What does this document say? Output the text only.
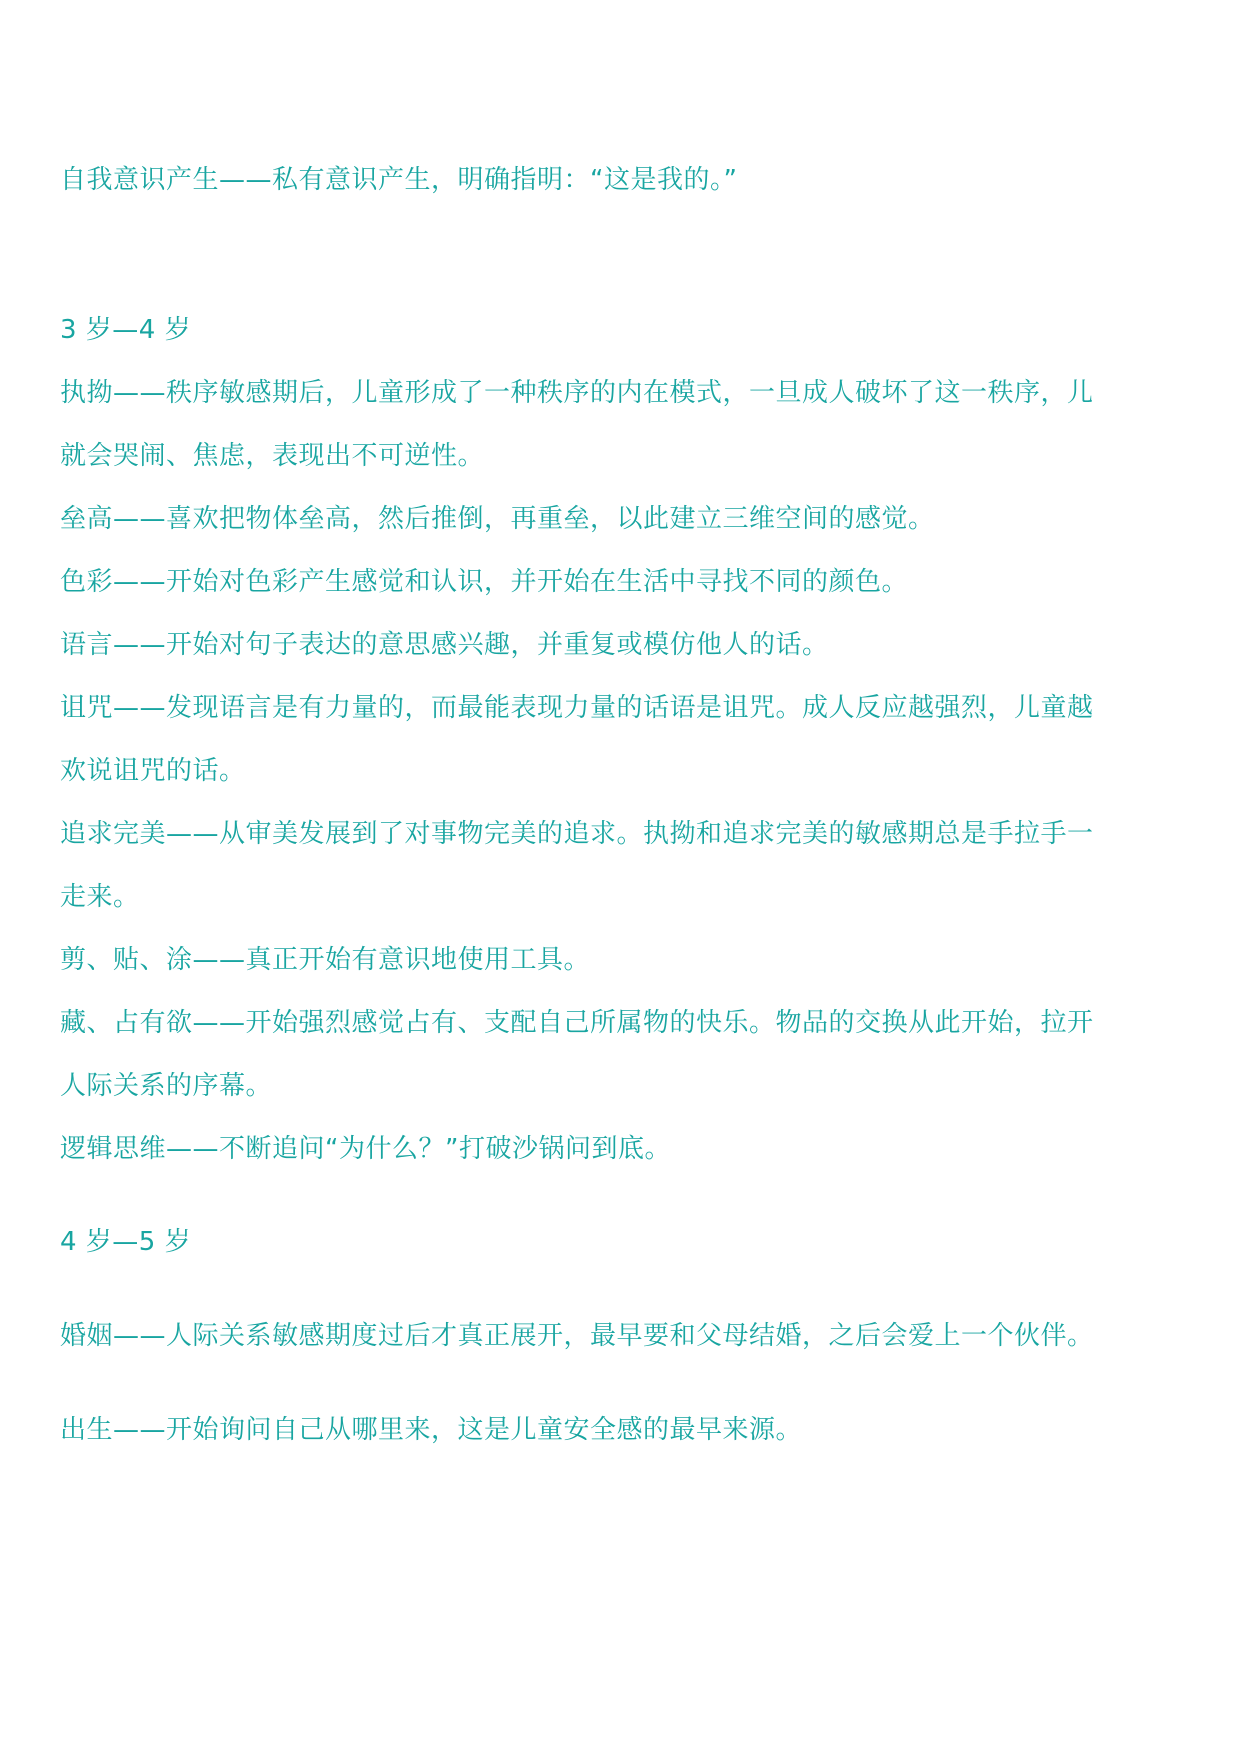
自我意识产生——私有意识产生，明确指明：“这是我的。”

3 岁—4 岁

执拗——秩序敏感期后，儿童形成了一种秩序的内在模式，一旦成人破坏了这一秩序，儿

就会哭闹、焦虑，表现出不可逆性。

垒高——喜欢把物体垒高，然后推倒，再重垒，以此建立三维空间的感觉。

色彩——开始对色彩产生感觉和认识，并开始在生活中寻找不同的颜色。

语言——开始对句子表达的意思感兴趣，并重复或模仿他人的话。

诅咒——发现语言是有力量的，而最能表现力量的话语是诅咒。成人反应越强烈，儿童越

欢说诅咒的话。

追求完美——从审美发展到了对事物完美的追求。执拗和追求完美的敏感期总是手拉手一

走来。

剪、贴、涂——真正开始有意识地使用工具。

藏、占有欲——开始强烈感觉占有、支配自己所属物的快乐。物品的交换从此开始，拉开

人际关系的序幕。

逻辑思维——不断追问“为什么？”打破沙锅问到底。

4 岁—5 岁

婚姻——人际关系敏感期度过后才真正展开，最早要和父母结婚，之后会爱上一个伙伴。

出生——开始询问自己从哪里来，这是儿童安全感的最早来源。
